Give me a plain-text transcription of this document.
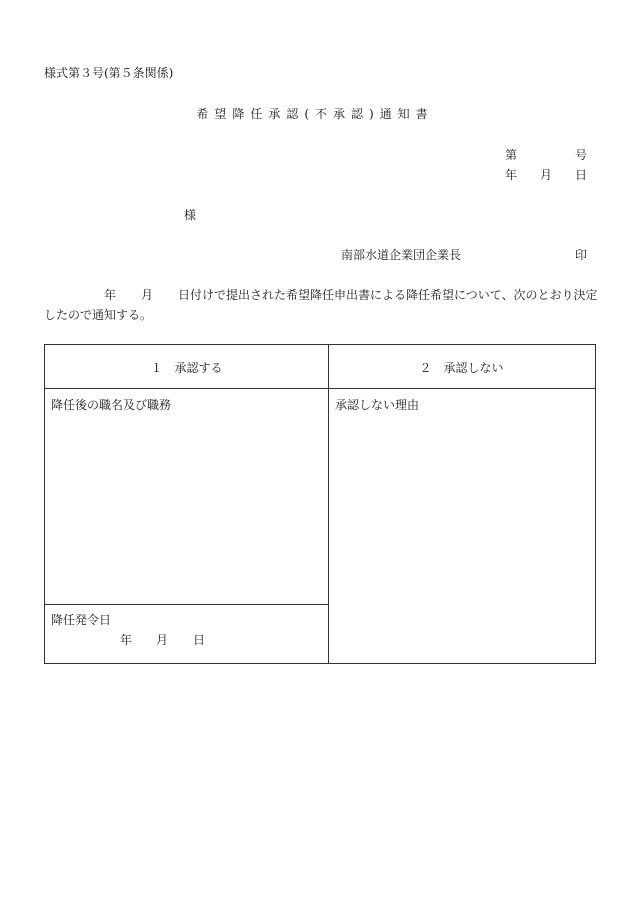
様式第３号(第５条関係)
希望降任承認(不承認)通知書
第	号
年 月 日
様
南部水道企業団企業長	印
年 月 日付けで提出された希望降任申出書による降任希望について、次のとおり決定
したので通知する。
１　承認する	２　承認しない
降任後の職名及び職務	承認しない理由
降任発令日
年 月 日
